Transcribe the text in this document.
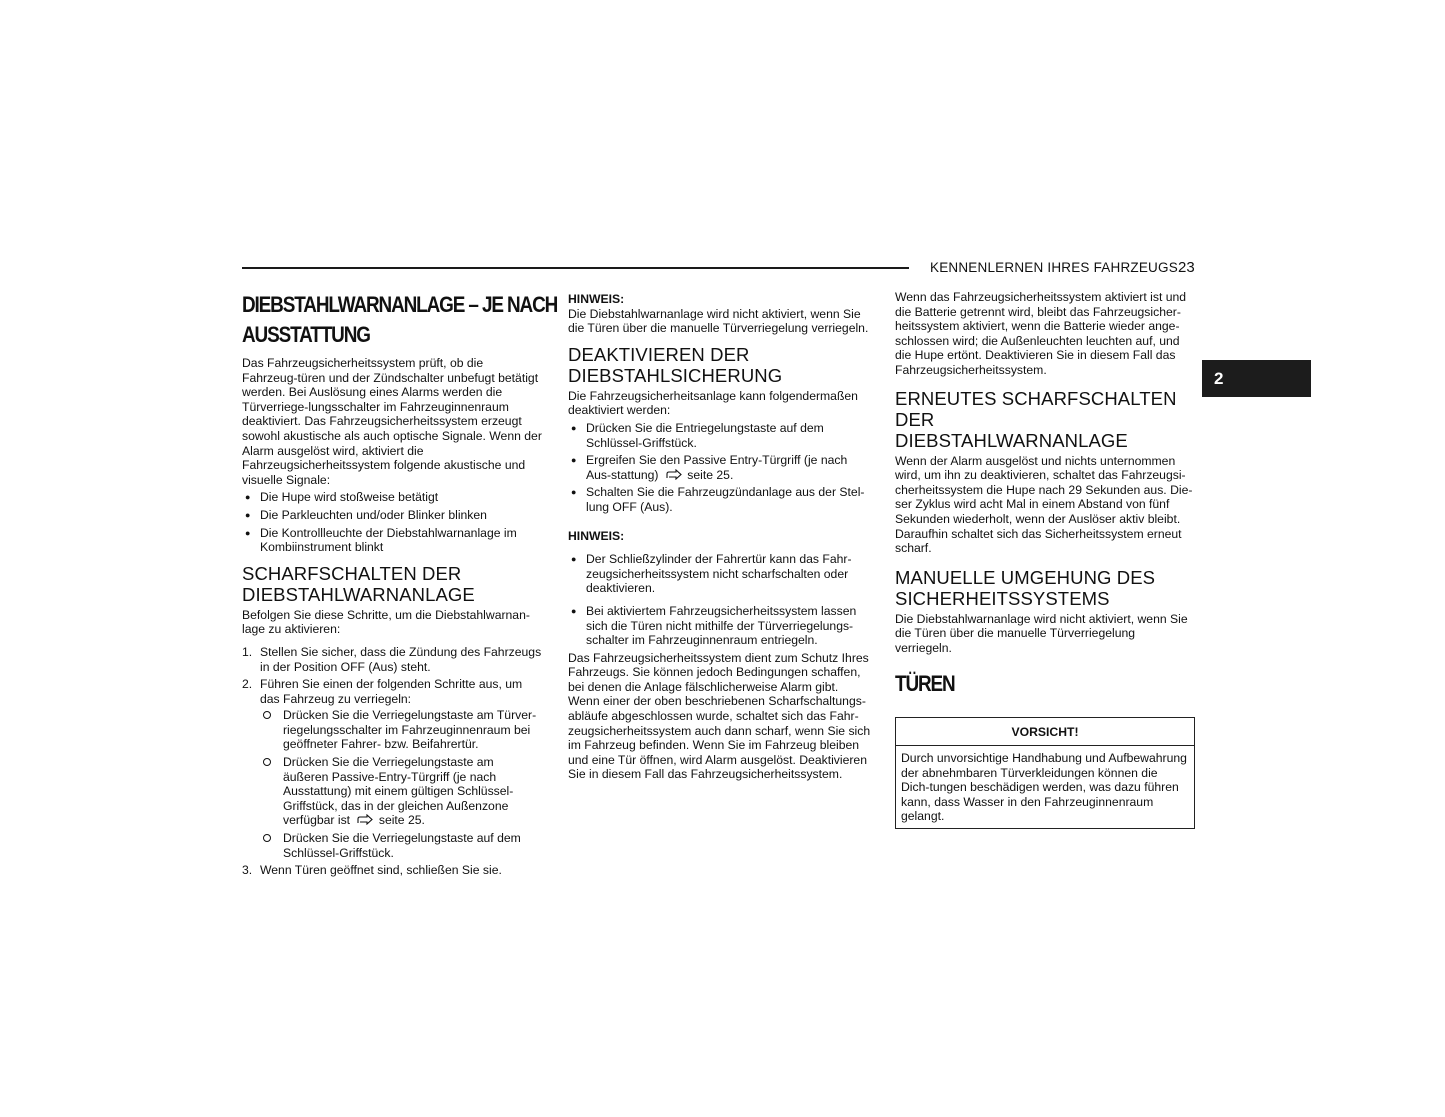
KENNENLERNEN IHRES FAHRZEUGS 23
2
DIEBSTAHLWARNANLAGE – JE NACH
AUSSTATTUNG

Das Fahrzeugsicherheitssystem prüft, ob die Fahrzeug-türen und der Zündschalter unbefugt betätigt werden. Bei Auslösung eines Alarms werden die Türverriege-lungsschalter im Fahrzeuginnenraum deaktiviert. Das Fahrzeugsicherheitssystem erzeugt sowohl akustische als auch optische Signale. Wenn der Alarm ausgelöst wird, aktiviert die Fahrzeugsicherheitssystem folgende akustische und visuelle Signale:

● Die Hupe wird stoßweise betätigt
● Die Parkleuchten und/oder Blinker blinken
● Die Kontrollleuchte der Diebstahlwarnanlage im Kombiinstrument blinkt
SCHARFSCHALTEN DER
DIEBSTAHLWARNANLAGE

Befolgen Sie diese Schritte, um die Diebstahlwarnan-lage zu aktivieren:

1. Stellen Sie sicher, dass die Zündung des Fahrzeugs in der Position OFF (Aus) steht.
2. Führen Sie einen der folgenden Schritte aus, um das Fahrzeug zu verriegeln:
Drücken Sie die Verriegelungstaste am Türver-riegelungsschalter im Fahrzeuginnenraum bei geöffneter Fahrer- bzw. Beifahrertür.
Drücken Sie die Verriegelungstaste am äußeren Passive-Entry-Türgriff (je nach Ausstattung) mit einem gültigen Schlüssel-Griffstück, das in der gleichen Außenzone verfügbar ist seite 25.
Drücken Sie die Verriegelungstaste auf dem Schlüssel-Griffstück.
3. Wenn Türen geöffnet sind, schließen Sie sie.

HINWEIS:

Die Diebstahlwarnanlage wird nicht aktiviert, wenn Sie die Türen über die manuelle Türverriegelung verriegeln.

DEAKTIVIEREN DER
DIEBSTAHLSICHERUNG

Die Fahrzeugsicherheitsanlage kann folgendermaßen deaktiviert werden:

● Drücken Sie die Entriegelungstaste auf dem Schlüssel-Griffstück.
● Ergreifen Sie den Passive Entry-Türgriff (je nach Aus-stattung) seite 25.
● Schalten Sie die Fahrzeugzündanlage aus der Stel-lung OFF (Aus).

HINWEIS:

● Der Schließzylinder der Fahrertür kann das Fahr-zeugsicherheitssystem nicht scharfschalten oder deaktivieren.
● Bei aktiviertem Fahrzeugsicherheitssystem lassen sich die Türen nicht mithilfe der Türverriegelungs-schalter im Fahrzeuginnenraum entriegeln.

Das Fahrzeugsicherheitssystem dient zum Schutz Ihres Fahrzeugs. Sie können jedoch Bedingungen schaffen, bei denen die Anlage fälschlicherweise Alarm gibt. Wenn einer der oben beschriebenen Scharfschaltungs-abläufe abgeschlossen wurde, schaltet sich das Fahr-zeugsicherheitssystem auch dann scharf, wenn Sie sich im Fahrzeug befinden. Wenn Sie im Fahrzeug bleiben und eine Tür öffnen, wird Alarm ausgelöst. Deaktivieren Sie in diesem Fall das Fahrzeugsicherheitssystem.

Wenn das Fahrzeugsicherheitssystem aktiviert ist und die Batterie getrennt wird, bleibt das Fahrzeugsicher-heitssystem aktiviert, wenn die Batterie wieder ange-schlossen wird; die Außenleuchten leuchten auf, und die Hupe ertönt. Deaktivieren Sie in diesem Fall das Fahrzeugsicherheitssystem.

ERNEUTES SCHARFSCHALTEN DER
DIEBSTAHLWARNANLAGE

Wenn der Alarm ausgelöst und nichts unternommen wird, um ihn zu deaktivieren, schaltet das Fahrzeugsi-cherheitssystem die Hupe nach 29 Sekunden aus. Die-ser Zyklus wird acht Mal in einem Abstand von fünf Sekunden wiederholt, wenn der Auslöser aktiv bleibt. Daraufhin schaltet sich das Sicherheitssystem erneut scharf.

MANUELLE UMGEHUNG DES
SICHERHEITSSYSTEMS

Die Diebstahlwarnanlage wird nicht aktiviert, wenn Sie die Türen über die manuelle Türverriegelung verriegeln.

TÜREN
VORSICHT!
Durch unvorsichtige Handhabung und Aufbewahrung der abnehmbaren Türverkleidungen können die Dich-tungen beschädigen werden, was dazu führen kann, dass Wasser in den Fahrzeuginnenraum gelangt.
